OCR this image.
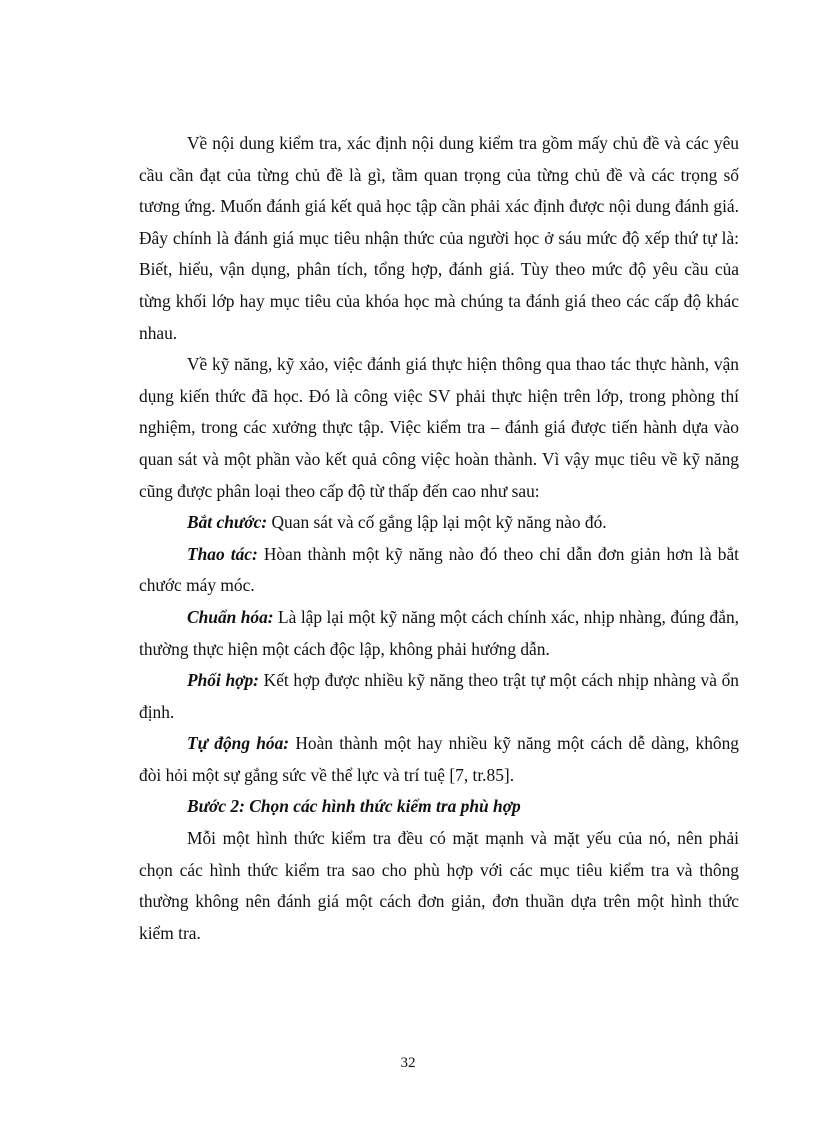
Về nội dung kiểm tra, xác định nội dung kiểm tra gồm mấy chủ đề và các yêu cầu cần đạt của từng chủ đề là gì, tầm quan trọng của từng chủ đề và các trọng số tương ứng. Muốn đánh giá kết quả học tập cần phải xác định được nội dung đánh giá. Đây chính là đánh giá mục tiêu nhận thức của người học ở sáu mức độ xếp thứ tự là: Biết, hiểu, vận dụng, phân tích, tổng hợp, đánh giá. Tùy theo mức độ yêu cầu của từng khối lớp hay mục tiêu của khóa học mà chúng ta đánh giá theo các cấp độ khác nhau.

Về kỹ năng, kỹ xảo, việc đánh giá thực hiện thông qua thao tác thực hành, vận dụng kiến thức đã học. Đó là công việc SV phải thực hiện trên lớp, trong phòng thí nghiệm, trong các xưởng thực tập. Việc kiểm tra – đánh giá được tiến hành dựa vào quan sát và một phần vào kết quả công việc hoàn thành. Vì vậy mục tiêu về kỹ năng cũng được phân loại theo cấp độ từ thấp đến cao như sau:

Bắt chước: Quan sát và cố gắng lập lại một kỹ năng nào đó.

Thao tác: Hòan thành một kỹ năng nào đó theo chỉ dẫn đơn giản hơn là bắt chước máy móc.

Chuẩn hóa: Là lập lại một kỹ năng một cách chính xác, nhịp nhàng, đúng đắn, thường thực hiện một cách độc lập, không phải hướng dẫn.

Phối hợp: Kết hợp được nhiều kỹ năng theo trật tự một cách nhịp nhàng và ổn định.

Tự động hóa: Hoàn thành một hay nhiều kỹ năng một cách dễ dàng, không đòi hỏi một sự gắng sức về thể lực và trí tuệ [7, tr.85].

Bước 2: Chọn các hình thức kiểm tra phù hợp

Mỗi một hình thức kiểm tra đều có mặt mạnh và mặt yếu của nó, nên phải chọn các hình thức kiểm tra sao cho phù hợp với các mục tiêu kiểm tra và thông thường không nên đánh giá một cách đơn giản, đơn thuần dựa trên một hình thức kiểm tra.

32
